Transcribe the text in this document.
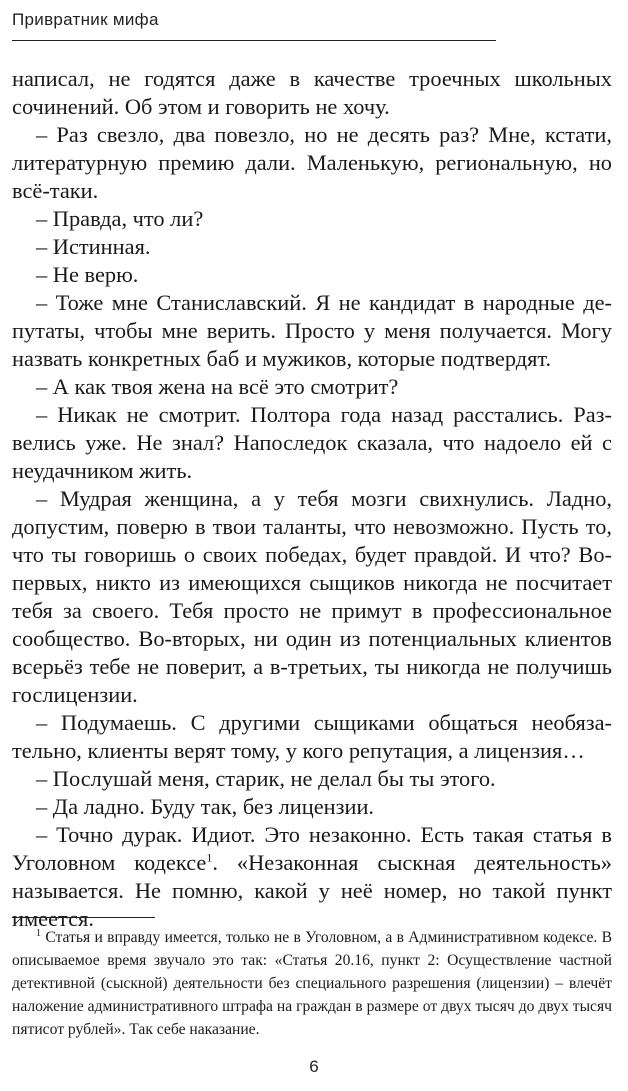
Привратник мифа

написал, не годятся даже в качестве троечных школьных сочинений. Об этом и говорить не хочу.

– Раз свезло, два повезло, но не десять раз? Мне, кстати, литературную премию дали. Маленькую, региональную, но всё-таки.

– Правда, что ли?

– Истинная.

– Не верю.

– Тоже мне Станиславский. Я не кандидат в народные депутаты, чтобы мне верить. Просто у меня получается. Могу назвать конкретных баб и мужиков, которые подтвердят.

– А как твоя жена на всё это смотрит?

– Никак не смотрит. Полтора года назад расстались. Развелись уже. Не знал? Напоследок сказала, что надоело ей с неудачником жить.

– Мудрая женщина, а у тебя мозги свихнулись. Ладно, допустим, поверю в твои таланты, что невозможно. Пусть то, что ты говоришь о своих победах, будет правдой. И что? Во-первых, никто из имеющихся сыщиков никогда не посчитает тебя за своего. Тебя просто не примут в профессиональное сообщество. Во-вторых, ни один из потенциальных клиентов всерьёз тебе не поверит, а в-третьих, ты никогда не получишь гослицензии.

– Подумаешь. С другими сыщиками общаться необязательно, клиенты верят тому, у кого репутация, а лицензия…

– Послушай меня, старик, не делал бы ты этого.

– Да ладно. Буду так, без лицензии.

– Точно дурак. Идиот. Это незаконно. Есть такая статья в Уголовном кодексе$^1$. «Незаконная сыскная деятельность» называется. Не помню, какой у неё номер, но такой пункт имеется.

$^1$ Статья и вправду имеется, только не в Уголовном, а в Административном кодексе. В описываемое время звучало это так: «Статья 20.16, пункт 2: Осуществление частной детективной (сыскной) деятельности без специального разрешения (лицензии) – влечёт наложение административного штрафа на граждан в размере от двух тысяч до двух тысяч пятисот рублей». Так себе наказание.

6
